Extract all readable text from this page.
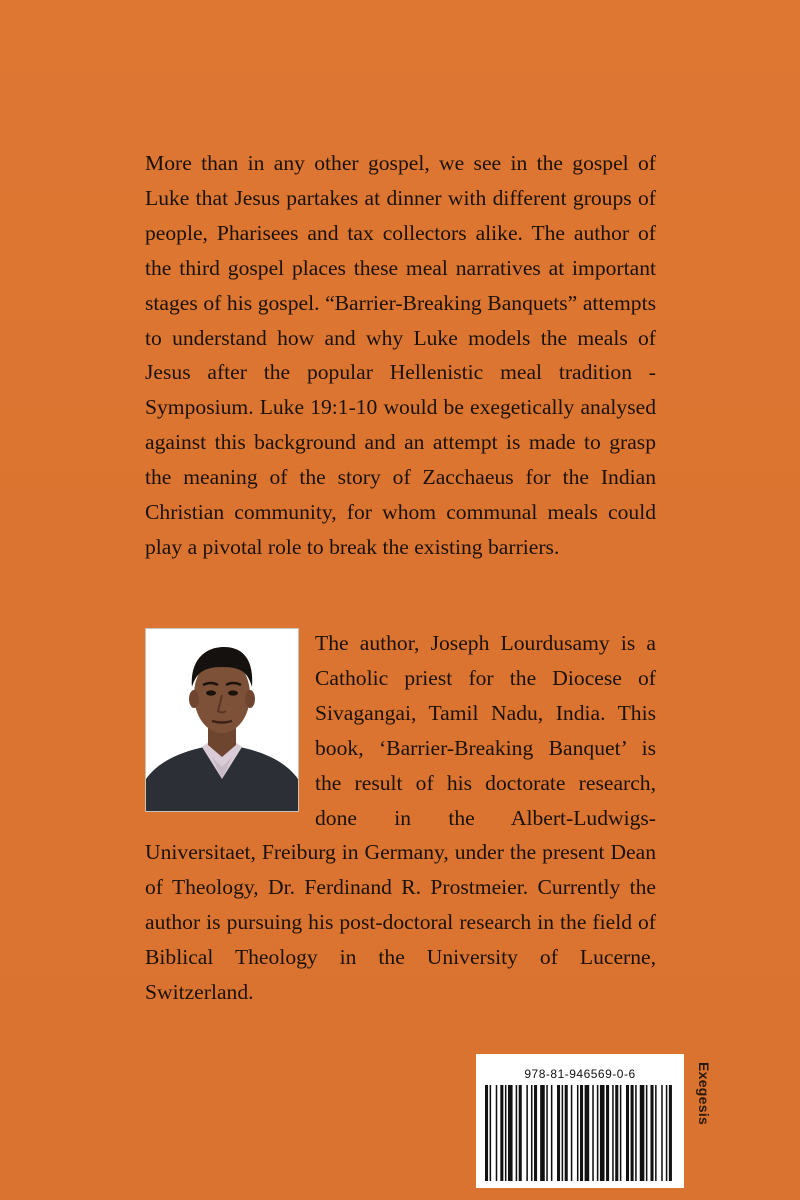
More than in any other gospel, we see in the gospel of Luke that Jesus partakes at dinner with different groups of people, Pharisees and tax collectors alike. The author of the third gospel places these meal narratives at important stages of his gospel. “Barrier-Breaking Banquets” attempts to understand how and why Luke models the meals of Jesus after the popular Hellenistic meal tradition - Symposium. Luke 19:1-10 would be exegetically analysed against this background and an attempt is made to grasp the meaning of the story of Zacchaeus for the Indian Christian community, for whom communal meals could play a pivotal role to break the existing barriers.

The author, Joseph Lourdusamy is a Catholic priest for the Diocese of Sivagangai, Tamil Nadu, India. This book, ‘Barrier-Breaking Banquet’ is the result of his doctorate research, done in the Albert-Ludwigs-Universitaet, Freiburg in Germany, under the present Dean of Theology, Dr. Ferdinand R. Prostmeier. Currently the author is pursuing his post-doctoral research in the field of Biblical Theology in the University of Lucerne, Switzerland.
978-81-946569-0-6	Exegesis
